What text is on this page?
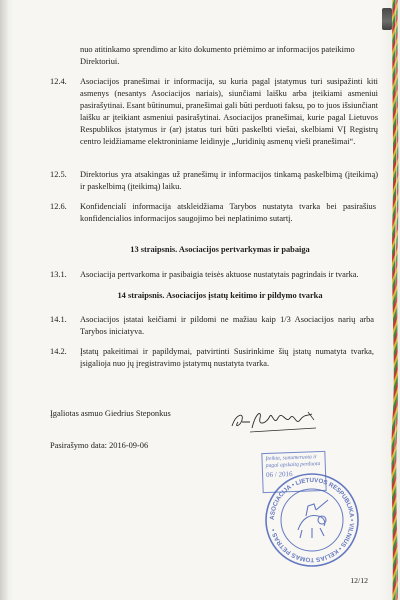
nuo atitinkamo sprendimo ar kito dokumento priėmimo ar informacijos pateikimo

Direktoriui.

12.4. Asociacijos pranešimai ir informacija, su kuria pagal įstatymus turi susipažinti kiti asmenys (nesantys Asociacijos nariais), siunčiami laišku arba įteikiami asmeniui pasirašytinai. Esant būtinumui, pranešimai gali būti perduoti faksu, po to juos išsiunčiant laišku ar įteikiant asmeniui pasirašytinai. Asociacijos pranešimai, kurie pagal Lietuvos Respublikos įstatymus ir (ar) įstatus turi būti paskelbti viešai, skelbiami VĮ Registrų centro leidžiamame elektroniniame leidinyje „Juridinių asmenų vieši pranešimai“.

12.5. Direktorius yra atsakingas už pranešimų ir informacijos tinkamą paskelbimą (įteikimą) ir paskelbimą (įteikimą) laiku.

12.6. Konfidencialí informacija atskleidžiama Tarybos nustatyta tvarka bei pasirašius konfidencialios informacijos saugojimo bei neplatinimo sutartį.

13 straipsnis. Asociacijos pertvarkymas ir pabaiga
13.1. Asociacija pertvarkoma ir pasibaigia teisės aktuose nustatytais pagrindais ir tvarka.

14 straipsnis. Asociacijos įstatų keitimo ir pildymo tvarka
14.1. Asociacijos įstatai keičiami ir pildomi ne mažiau kaip 1/3 Asociacijos narių arba Tarybos iniciatyva.

14.2. Įstatų pakeitimai ir papildymai, patvirtinti Susirinkime šių įstatų numatyta tvarka, įsigalioja nuo jų įregistravimo įstatymų nustatyta tvarka.

Įgaliotas asmuo Giedrius Steponkus
Pasirašymo data: 2016-09-06
Įteikta, sunumeruota ir
pagal apskaitą perduota
06 / 2016
ASOCIACIJA • LIETUVOS RESPUBLIKA • VILNIUS • KELIAS TOMAS PETRAS •
12/12
